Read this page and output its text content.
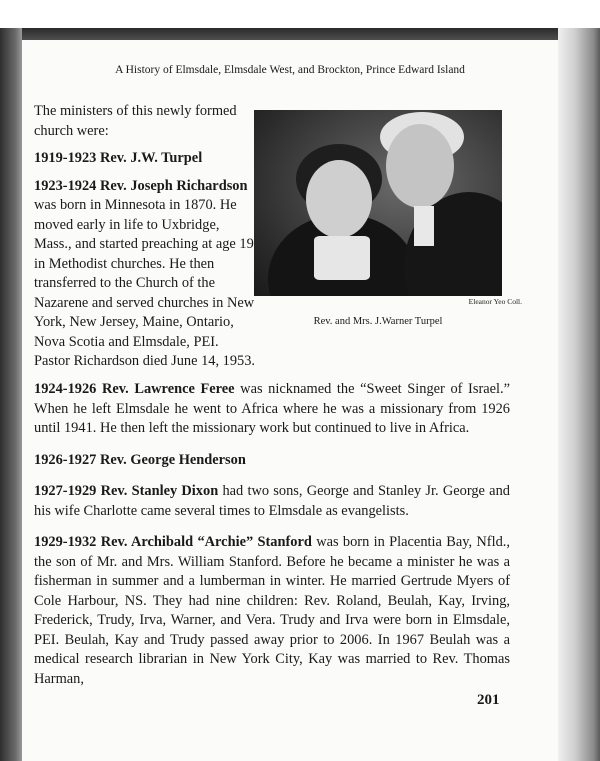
A History of Elmsdale, Elmsdale West, and Brockton, Prince Edward Island
Eleanor Yeo Coll.
Rev. and Mrs. J.Warner Turpel

The ministers of this newly formed church were:

1919-1923 Rev. J.W. Turpel

1923-1924 Rev. Joseph Richardson was born in Minnesota in 1870. He moved early in life to Uxbridge, Mass., and started preaching at age 19 in Methodist churches. He then transferred to the Church of the Nazarene and served churches in New York, New Jersey, Maine, Ontario, Nova Scotia and Elmsdale, PEI. Pastor Richardson died June 14, 1953.

1924-1926 Rev. Lawrence Feree was nicknamed the “Sweet Singer of Israel.” When he left Elmsdale he went to Africa where he was a missionary from 1926 until 1941. He then left the missionary work but continued to live in Africa.

1926-1927 Rev. George Henderson

1927-1929 Rev. Stanley Dixon had two sons, George and Stanley Jr. George and his wife Charlotte came several times to Elmsdale as evangelists.

1929-1932 Rev. Archibald “Archie” Stanford was born in Placentia Bay, Nfld., the son of Mr. and Mrs. William Stanford. Before he became a minister he was a fisherman in summer and a lumberman in winter. He married Gertrude Myers of Cole Harbour, NS. They had nine children: Rev. Roland, Beulah, Kay, Irving, Frederick, Trudy, Irva, Warner, and Vera. Trudy and Irva were born in Elmsdale, PEI. Beulah, Kay and Trudy passed away prior to 2006. In 1967 Beulah was a medical research librarian in New York City, Kay was married to Rev. Thomas Harman,

201
